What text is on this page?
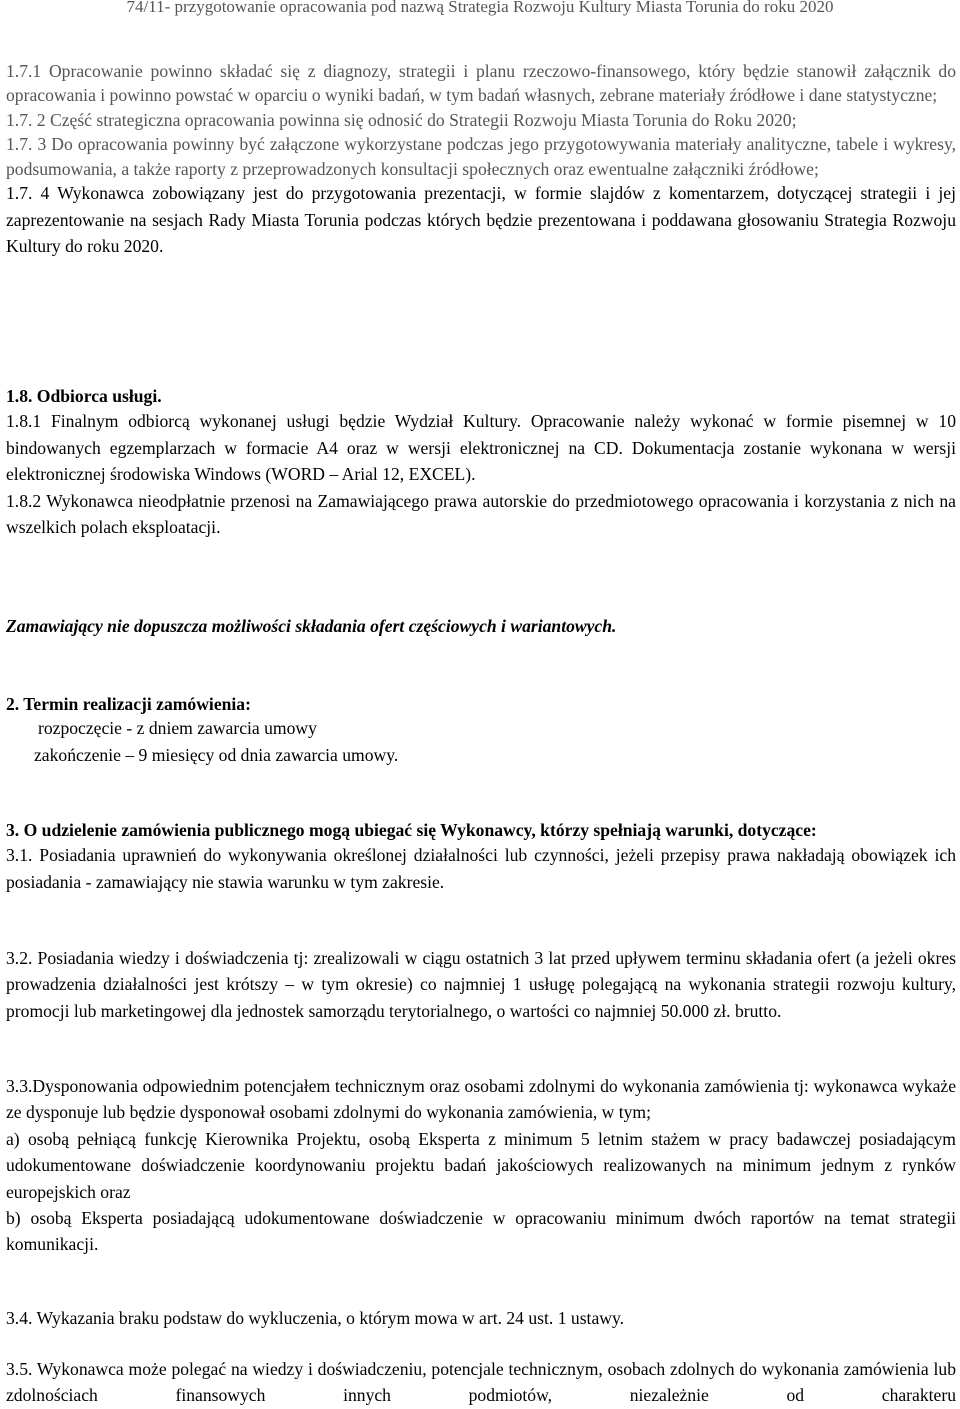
74/11- przygotowanie opracowania pod nazwą Strategia Rozwoju Kultury Miasta Torunia do roku 2020

1.7.1 Opracowanie powinno składać się z diagnozy, strategii i planu rzeczowo-finansowego, który będzie stanowił załącznik do opracowania i powinno powstać w oparciu o wyniki badań, w tym badań własnych, zebrane materiały źródłowe i dane statystyczne;

1.7. 2 Część strategiczna opracowania powinna się odnosić do Strategii Rozwoju Miasta Torunia do Roku 2020;

1.7. 3 Do opracowania powinny być załączone wykorzystane podczas jego przygotowywania materiały analityczne, tabele i wykresy, podsumowania, a także raporty z przeprowadzonych konsultacji społecznych oraz ewentualne załączniki źródłowe;

1.7. 4 Wykonawca zobowiązany jest do przygotowania prezentacji, w formie slajdów z komentarzem, dotyczącej strategii i jej zaprezentowanie na sesjach Rady Miasta Torunia podczas których będzie prezentowana i poddawana głosowaniu Strategia Rozwoju Kultury do roku 2020.

1.8. Odbiorca usługi.

1.8.1 Finalnym odbiorcą wykonanej usługi będzie Wydział Kultury. Opracowanie należy wykonać w formie pisemnej w 10 bindowanych egzemplarzach w formacie A4 oraz w wersji elektronicznej na CD. Dokumentacja zostanie wykonana w wersji elektronicznej środowiska Windows (WORD – Arial 12, EXCEL).

1.8.2 Wykonawca nieodpłatnie przenosi na Zamawiającego prawa autorskie do przedmiotowego opracowania i korzystania z nich na wszelkich polach eksploatacji.

Zamawiający nie dopuszcza możliwości składania ofert częściowych i wariantowych.

2. Termin realizacji zamówienia:

rozpoczęcie - z dniem zawarcia umowy

zakończenie – 9 miesięcy od dnia zawarcia umowy.

3. O udzielenie zamówienia publicznego mogą ubiegać się Wykonawcy, którzy spełniają warunki, dotyczące:

3.1. Posiadania uprawnień do wykonywania określonej działalności lub czynności, jeżeli przepisy prawa nakładają obowiązek ich posiadania - zamawiający nie stawia warunku w tym zakresie.

3.2. Posiadania wiedzy i doświadczenia tj: zrealizowali w ciągu ostatnich 3 lat przed upływem terminu składania ofert (a jeżeli okres prowadzenia działalności jest krótszy – w tym okresie) co najmniej 1 usługę polegającą na wykonania strategii rozwoju kultury, promocji lub marketingowej dla jednostek samorządu terytorialnego, o wartości co najmniej 50.000 zł. brutto.

3.3.Dysponowania odpowiednim potencjałem technicznym oraz osobami zdolnymi do wykonania zamówienia tj: wykonawca wykaże ze dysponuje lub będzie dysponował osobami zdolnymi do wykonania zamówienia, w tym;

a) osobą pełniącą funkcję Kierownika Projektu, osobą Eksperta z minimum 5 letnim stażem w pracy badawczej posiadającym udokumentowane doświadczenie koordynowaniu projektu badań jakościowych realizowanych na minimum jednym z rynków europejskich oraz

b) osobą Eksperta posiadającą udokumentowane doświadczenie w opracowaniu minimum dwóch raportów na temat strategii komunikacji.

3.4. Wykazania braku podstaw do wykluczenia, o którym mowa w art. 24 ust. 1 ustawy.

3.5. Wykonawca może polegać na wiedzy i doświadczeniu, potencjale technicznym, osobach zdolnych do wykonania zamówienia lub zdolnościach finansowych innych podmiotów, niezależnie od charakteru
